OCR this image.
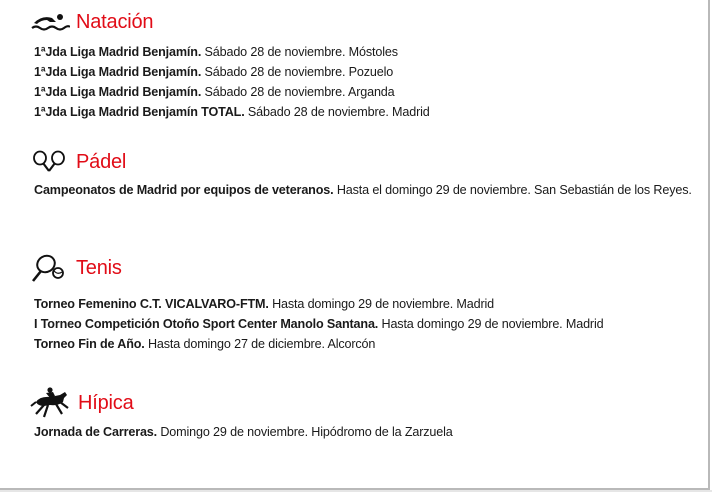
Natación
1ªJda Liga Madrid Benjamín. Sábado 28 de noviembre. Móstoles
1ªJda Liga Madrid Benjamín. Sábado 28 de noviembre. Pozuelo
1ªJda Liga Madrid Benjamín. Sábado 28 de noviembre. Arganda
1ªJda Liga Madrid Benjamín TOTAL. Sábado 28 de noviembre. Madrid
Pádel
Campeonatos de Madrid por equipos de veteranos. Hasta el domingo 29 de noviembre. San Sebastián de los Reyes.
Tenis
Torneo Femenino C.T. VICALVARO-FTM. Hasta domingo 29 de noviembre. Madrid
I Torneo Competición Otoño Sport Center Manolo Santana. Hasta domingo 29 de noviembre. Madrid
Torneo Fin de Año. Hasta domingo 27 de diciembre. Alcorcón
Hípica
Jornada de Carreras. Domingo 29 de noviembre. Hipódromo de la Zarzuela
